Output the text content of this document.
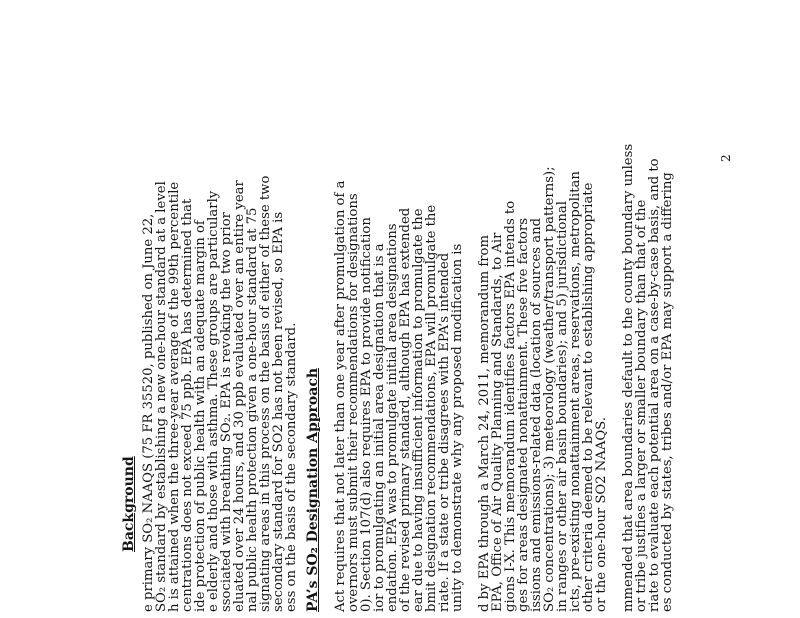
Background e primary SO₂ NAAQS (75 FR 35520, published on June 22,
SO₂ standard by establishing a new one-hour standard at a level
h is attained when the three-year average of the 99th percentile
centrations does not exceed 75 ppb. EPA has determined that
ide protection of public health with an adequate margin of
e elderly and those with asthma. These groups are particularly
ssociated with breathing SO₂. EPA is revoking the two prior
eluated over 24 hours, and 30 ppb evaluated over an entire year
nal public health protection given a one-hour standard at 75
signating areas in this process on the basis of either of these two
secondary standard for SO2 has not been revised, so EPA is
ess on the basis of the secondary standard. PA’s SO₂ Designation Approach Act requires that not later than one year after promulgation of a
overnors must submit their recommendations for designations
0). Section 107(d) also requires EPA to provide notification
ior to promulgating an initial area designation that is a
endation. EPA was to promulgate initial area designations
of the revised primary standard, although EPA has extended
ear due to having insufficient information to promulgate the
bmit designation recommendations, EPA will promulgate the
riate. If a state or tribe disagrees with EPA’s intended
unity to demonstrate why any proposed modification is d by EPA through a March 24, 2011, memorandum from
EPA, Office of Air Quality Planning and Standards, to Air
gions I-X. This memorandum identifies factors EPA intends to
ges for areas designated nonattainment. These five factors
issions and emissions-related data (location of sources and
SO₂ concentrations); 3) meteorology (weather/transport patterns);
in ranges or other air basin boundaries); and 5) jurisdictional
icts, pre-existing nonattainment areas, reservations, metropolitan
other criteria deemed to be relevant to establishing appropriate
or the one-hour SO2 NAAQS. mmended that area boundaries default to the county boundary unless
or tribe justifies a larger or smaller boundary than that of the
riate to evaluate each potential area on a case-by-case basis, and to
es conducted by states, tribes and/or EPA may support a differing
2
